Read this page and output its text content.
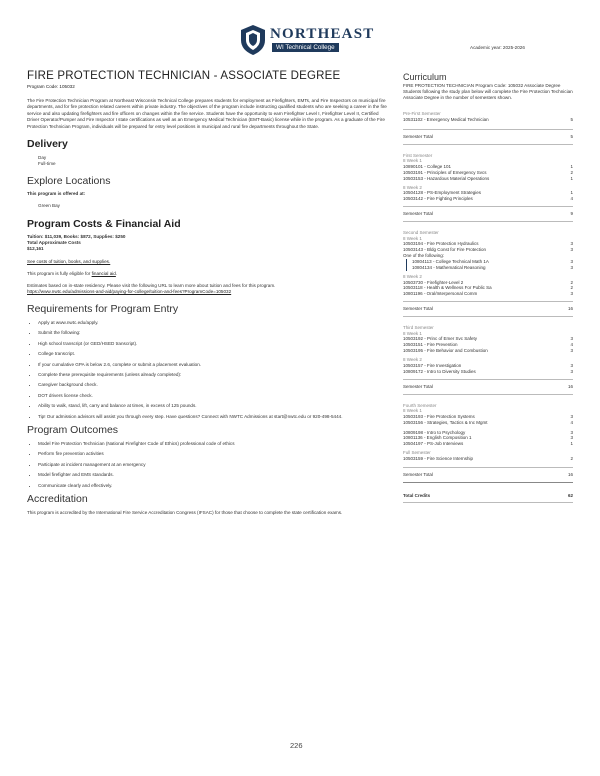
NORTHEAST
WI Technical College	Academic year: 2025-2026
FIRE PROTECTION TECHNICIAN - ASSOCIATE DEGREE
Program Code: 105032
The Fire Protection Technician Program at Northeast Wisconsin Technical College prepares students for employment as Firefighters, EMTs, and Fire Inspectors on municipal fire departments, and for fire protection related careers within private industry. The objectives of the program include instructing qualified students who are seeking a career in the fire service and also updating firefighters and fire officers on changes within the fire service. Students have the opportunity to earn Firefighter Level I, Firefighter Level II, Certified Driver Operator/Pumper and Fire Inspector I state certifications as well as an Emergency Medical Technician (EMT-Basic) license while in the program. As a graduate of the Fire Protection Technician Program, individuals will be prepared for entry level positions in municipal and rural fire departments throughout the State.
Delivery
Day
Full-time
Explore Locations
This program is offered at:
Green Bay
Program Costs & Financial Aid
Tuition: $11,039, Books: $872, Supplies: $250
Total Approximate Costs
$12,161
See costs of tuition, books, and supplies.
This program is fully eligible for financial aid.
Estimates based on in-state residency. Please visit the following URL to learn more about tuition and fees for this program.
https://www.nwtc.edu/admissions-and-aid/paying-for-college/tuition-and-fees?ProgramCode=105032
Requirements for Program Entry
• Apply at www.nwtc.edu/apply.
• Submit the following:
• High school transcript (or GED/HSED transcript).
• College transcript.
• If your cumulative GPA is below 2.6, complete or submit a placement evaluation.
• Complete these prerequisite requirements (unless already completed):
• Caregiver background check.
• DOT drivers license check.
• Ability to walk, stand, lift, carry and balance at times, in excess of 125 pounds.
• Tip! Our admission advisors will assist you through every step. Have questions? Connect with NWTC Admissions at start@nwtc.edu or 920-498-5444.
Program Outcomes
• Model Fire Protection Technician (National Firefighter Code of Ethics) professional code of ethics
• Perform fire prevention activities
• Participate at incident management at an emergency
• Model firefighter and EMS standards.
• Communicate clearly and effectively.
Accreditation
This program is accredited by the International Fire Service Accreditation Congress (IFSAC) for those that choose to complete the state certification exams.
Curriculum
FIRE PROTECTION TECHNICIAN Program Code: 105032 Associate Degree Students following the study plan below will complete the Fire Protection Technician Associate Degree in the number of semesters shown.
Pre-First Semester
10531102 - Emergency Medical Technician	5
Semester Total	5
First Semester
8 Week 1
10890101 - College 101	1
10503191 - Principles of Emergency Svcs	2
10503153 - Hazardous Material Operations	1
8 Week 2
10504128 - PS-Employment Strategies	1
10503142 - Fire Fighting Principles	4
Semester Total	9
Second Semester
8 Week 1
10503194 - Fire Protection Hydraulics	3
10503143 - Bldg Const for Fire Protection	3
One of the following:
10804113 - College Technical Math 1A	3
10804134 - Mathematical Reasoning	3
8 Week 2
10503730 - Firefighter-Level 2	2
10503118 - Health & Wellness For Public Sa	2
10801196 - Oral/Interpersonal Comm	3
Semester Total	16
Third Semester
8 Week 1
10503192 - Princ of Emer Svc Safety	3
10503151 - Fire Prevention	4
10503195 - Fire Behavior and Combustion	3
8 Week 2
10503157 - Fire Investigation	3
10809172 - Intro to Diversity Studies	3
Semester Total	16
Fourth Semester
8 Week 1
10503193 - Fire Protection Systems	3
10503156 - Strategies, Tactics & Inc Mgmt	4
10809198 - Intro to Psychology	3
10801136 - English Composition 1	3
10504197 - PS-Job Interviews	1
Full Semester
10503159 - Fire Science Internship	2
Semester Total	16
Total Credits	62
226
